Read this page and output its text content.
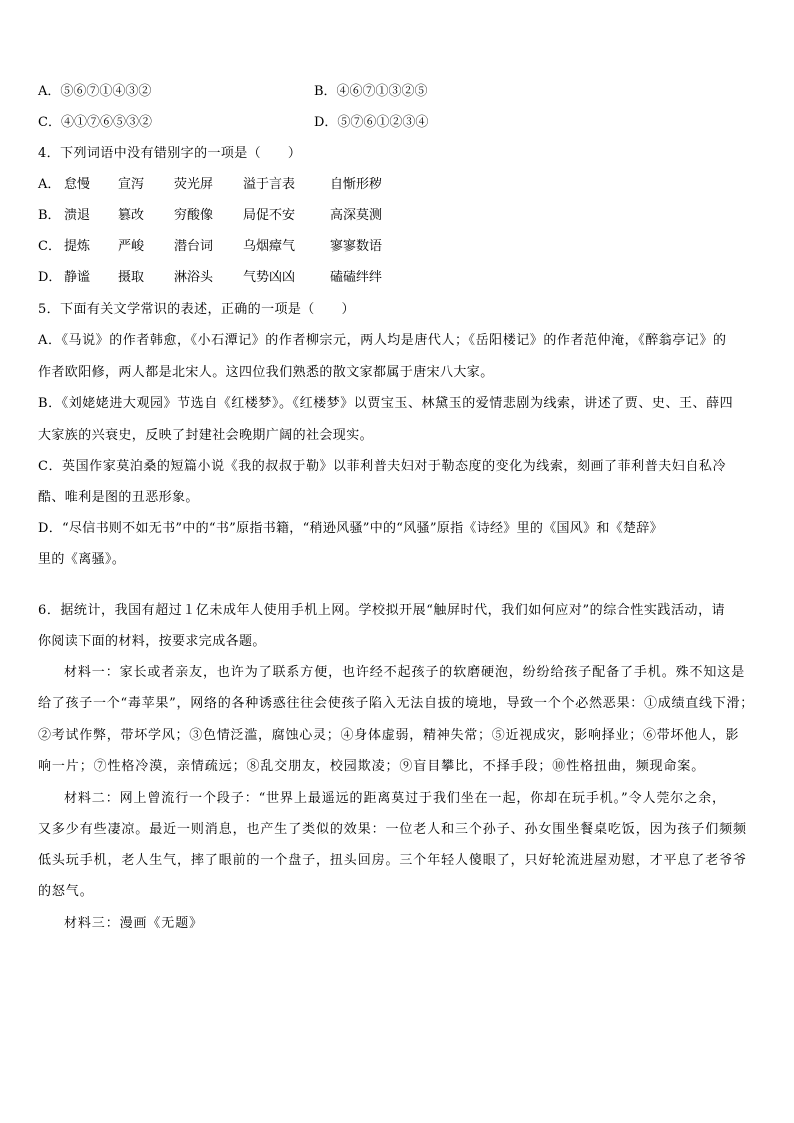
A．⑤⑥⑦①④③②	B．④⑥⑦①③②⑤
C．④①⑦⑥⑤③②	D．⑤⑦⑥①②③④
4．下列词语中没有错别字的一项是（　　）
A． 怠慢 宣泻 荧光屏 溢于言表	自惭形秽
B． 溃退 篡改 穷酸像 局促不安	高深莫测
C． 提炼 严峻 潜台词 乌烟瘴气	寥寥数语
D． 静谧 摄取 淋浴头 气势凶凶	磕磕绊绊
5．下面有关文学常识的表述，正确的一项是（　　）
A．《马说》的作者韩愈，《小石潭记》的作者柳宗元，两人均是唐代人；《岳阳楼记》的作者范仲淹，《醉翁亭记》的
作者欧阳修，两人都是北宋人。这四位我们熟悉的散文家都属于唐宋八大家。
B．《刘姥姥进大观园》节选自《红楼梦》。《红楼梦》以贾宝玉、林黛玉的爱情悲剧为线索，讲述了贾、史、王、薛四
大家族的兴衰史，反映了封建社会晚期广阔的社会现实。
C．英国作家莫泊桑的短篇小说《我的叔叔于勒》以菲利普夫妇对于勒态度的变化为线索，刻画了菲利普夫妇自私冷
酷、唯利是图的丑恶形象。
D．“尽信书则不如无书”中的“书”原指书籍，“稍逊风骚”中的“风骚”原指《诗经》里的《国风》和《楚辞》
里的《离骚》。
6．据统计，我国有超过１亿未成年人使用手机上网。学校拟开展“触屏时代，我们如何应对”的综合性实践活动，请
你阅读下面的材料，按要求完成各题。
材料一：家长或者亲友，也许为了联系方便，也许经不起孩子的软磨硬泡，纷纷给孩子配备了手机。殊不知这是
给了孩子一个“毒苹果”，网络的各种诱惑往往会使孩子陷入无法自拔的境地，导致一个个必然恶果：①成绩直线下滑；
②考试作弊，带坏学风；③色情泛滥，腐蚀心灵；④身体虚弱，精神失常；⑤近视成灾，影响择业；⑥带坏他人，影
响一片；⑦性格冷漠，亲情疏远；⑧乱交朋友，校园欺凌；⑨盲目攀比，不择手段；⑩性格扭曲，频现命案。
材料二：网上曾流行一个段子：“世界上最遥远的距离莫过于我们坐在一起，你却在玩手机。”令人莞尔之余，
又多少有些凄凉。最近一则消息，也产生了类似的效果：一位老人和三个孙子、孙女围坐餐桌吃饭，因为孩子们频频
低头玩手机，老人生气，摔了眼前的一个盘子，扭头回房。三个年轻人傻眼了，只好轮流进屋劝慰，才平息了老爷爷
的怒气。
材料三：漫画《无题》
